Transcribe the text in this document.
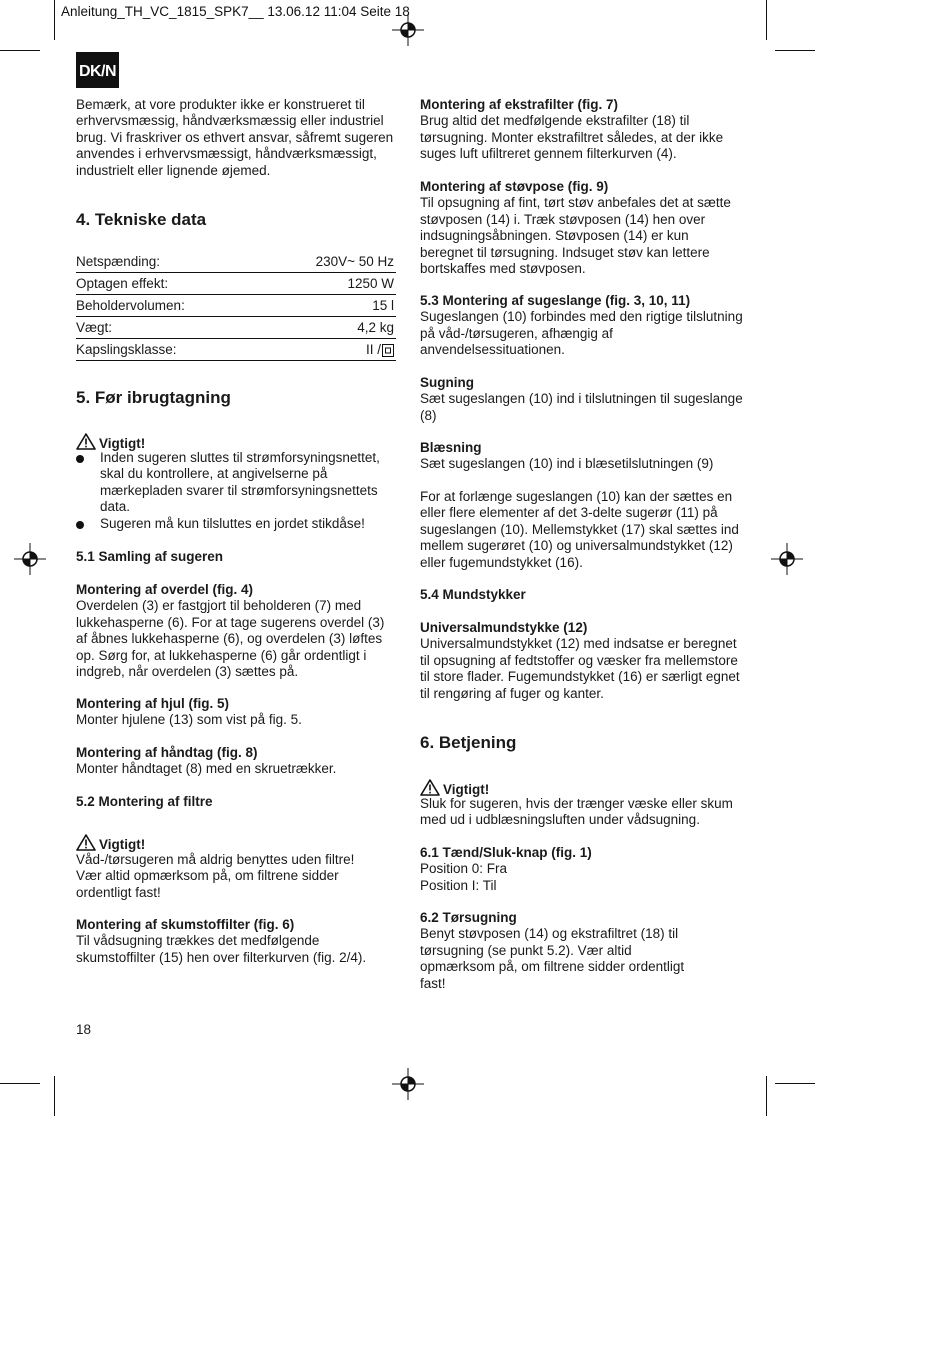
Anleitung_TH_VC_1815_SPK7__ 13.06.12 11:04 Seite 18
DK/N

Bemærk, at vore produkter ikke er konstrueret til erhvervsmæssig, håndværksmæssig eller industriel brug. Vi fraskriver os ethvert ansvar, såfremt sugeren anvendes i erhvervsmæssigt, håndværksmæssigt, industrielt eller lignende øjemed.

4. Tekniske data
Netspænding:	230V~ 50 Hz
Optagen effekt:	1250 W
Beholdervolumen:	15 l
Vægt:	4,2 kg
Kapslingsklasse:	II /
5. Før ibrugtagning
Vigtigt!

Inden sugeren sluttes til strømforsyningsnettet, skal du kontrollere, at angivelserne på mærkepladen svarer til strømforsyningsnettets data.

Sugeren må kun tilsluttes en jordet stikdåse!

5.1 Samling af sugeren

Montering af overdel (fig. 4)

Overdelen (3) er fastgjort til beholderen (7) med lukkehasperne (6). For at tage sugerens overdel (3) af åbnes lukkehasperne (6), og overdelen (3) løftes op. Sørg for, at lukkehasperne (6) går ordentligt i indgreb, når overdelen (3) sættes på.

Montering af hjul (fig. 5)

Monter hjulene (13) som vist på fig. 5.

Montering af håndtag (fig. 8)

Monter håndtaget (8) med en skruetrækker.

5.2 Montering af filtre
Vigtigt!

Våd-/tørsugeren må aldrig benyttes uden filtre! Vær altid opmærksom på, om filtrene sidder ordentligt fast!

Montering af skumstoffilter (fig. 6)

Til vådsugning trækkes det medfølgende skumstoffilter (15) hen over filterkurven (fig. 2/4).

18

Montering af ekstrafilter (fig. 7)

Brug altid det medfølgende ekstrafilter (18) til tørsugning. Monter ekstrafiltret således, at der ikke suges luft ufiltreret gennem filterkurven (4).

Montering af støvpose (fig. 9)

Til opsugning af fint, tørt støv anbefales det at sætte støvposen (14) i. Træk støvposen (14) hen over indsugningsåbningen. Støvposen (14) er kun beregnet til tørsugning. Indsuget støv kan lettere bortskaffes med støvposen.

5.3 Montering af sugeslange (fig. 3, 10, 11)

Sugeslangen (10) forbindes med den rigtige tilslutning på våd-/tørsugeren, afhængig af anvendelsessituationen.

Sugning

Sæt sugeslangen (10) ind i tilslutningen til sugeslange (8)

Blæsning

Sæt sugeslangen (10) ind i blæsetilslutningen (9)

For at forlænge sugeslangen (10) kan der sættes en eller flere elementer af det 3-delte sugerør (11) på sugeslangen (10). Mellemstykket (17) skal sættes ind mellem sugerøret (10) og universalmundstykket (12) eller fugemundstykket (16).

5.4 Mundstykker

Universalmundstykke (12)

Universalmundstykket (12) med indsatse er beregnet til opsugning af fedtstoffer og væsker fra mellemstore til store flader. Fugemundstykket (16) er særligt egnet til rengøring af fuger og kanter.

6. Betjening
Vigtigt!

Sluk for sugeren, hvis der trænger væske eller skum med ud i udblæsningsluften under vådsugning.

6.1 Tænd/Sluk-knap (fig. 1)

Position 0: Fra

Position I: Til

6.2 Tørsugning

Benyt støvposen (14) og ekstrafiltret (18) til tørsugning (se punkt 5.2). Vær altid opmærksom på, om filtrene sidder ordentligt fast!
